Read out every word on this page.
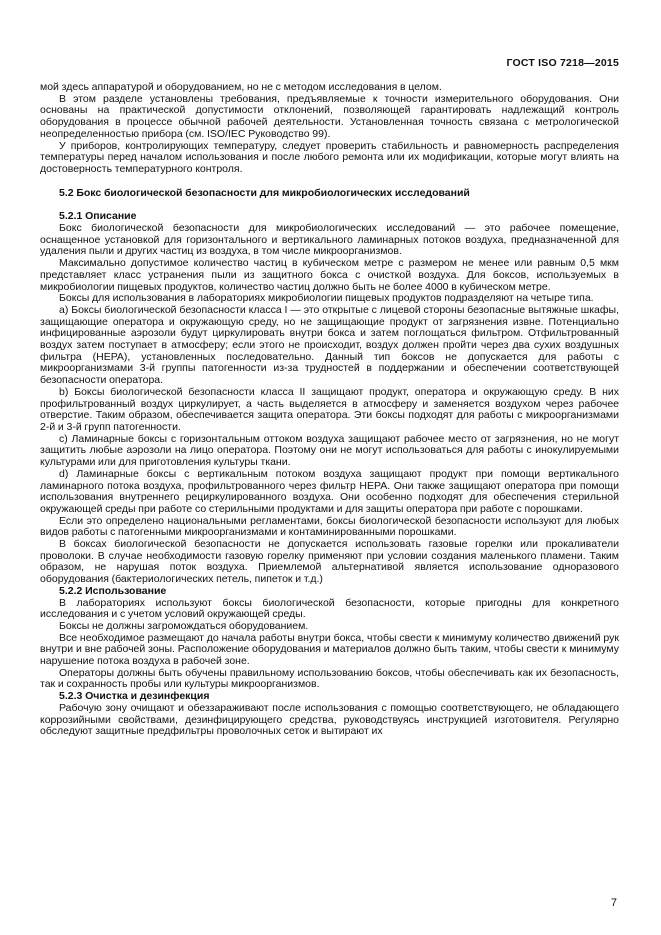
ГОСТ ISO 7218—2015

мой здесь аппаратурой и оборудованием, но не с методом исследования в целом.

В этом разделе установлены требования, предъявляемые к точности измерительного оборудования. Они основаны на практической допустимости отклонений, позволяющей гарантировать надлежащий контроль оборудования в процессе обычной рабочей деятельности. Установленная точность связана с метрологической неопределенностью прибора (см. ISO/IEC Руководство 99).

У приборов, контролирующих температуру, следует проверить стабильность и равномерность распределения температуры перед началом использования и после любого ремонта или их модификации, которые могут влиять на достоверность температурного контроля.

5.2 Бокс биологической безопасности для микробиологических исследований

5.2.1 Описание

Бокс биологической безопасности для микробиологических исследований — это рабочее помещение, оснащенное установкой для горизонтального и вертикального ламинарных потоков воздуха, предназначенной для удаления пыли и других частиц из воздуха, в том числе микроорганизмов.

Максимально допустимое количество частиц в кубическом метре с размером не менее или равным 0,5 мкм представляет класс устранения пыли из защитного бокса с очисткой воздуха. Для боксов, используемых в микробиологии пищевых продуктов, количество частиц должно быть не более 4000 в кубическом метре.

Боксы для использования в лабораториях микробиологии пищевых продуктов подразделяют на четыре типа.

a) Боксы биологической безопасности класса I — это открытые с лицевой стороны безопасные вытяжные шкафы, защищающие оператора и окружающую среду, но не защищающие продукт от загрязнения извне. Потенциально инфицированные аэрозоли будут циркулировать внутри бокса и затем поглощаться фильтром. Отфильтрованный воздух затем поступает в атмосферу; если этого не происходит, воздух должен пройти через два сухих воздушных фильтра (HEPA), установленных последовательно. Данный тип боксов не допускается для работы с микроорганизмами 3-й группы патогенности из-за трудностей в поддержании и обеспечении соответствующей безопасности оператора.

b) Боксы биологической безопасности класса II защищают продукт, оператора и окружающую среду. В них профильтрованный воздух циркулирует, а часть выделяется в атмосферу и заменяется воздухом через рабочее отверстие. Таким образом, обеспечивается защита оператора. Эти боксы подходят для работы с микроорганизмами 2-й и 3-й групп патогенности.

c) Ламинарные боксы с горизонтальным оттоком воздуха защищают рабочее место от загрязнения, но не могут защитить любые аэрозоли на лицо оператора. Поэтому они не могут использоваться для работы с инокулируемыми культурами или для приготовления культуры ткани.

d) Ламинарные боксы с вертикальным потоком воздуха защищают продукт при помощи вертикального ламинарного потока воздуха, профильтрованного через фильтр HEPA. Они также защищают оператора при помощи использования внутреннего рециркулированного воздуха. Они особенно подходят для обеспечения стерильной окружающей среды при работе со стерильными продуктами и для защиты оператора при работе с порошками.

Если это определено национальными регламентами, боксы биологической безопасности используют для любых видов работы с патогенными микроорганизмами и контаминированными порошками.

В боксах биологической безопасности не допускается использовать газовые горелки или прокаливатели проволоки. В случае необходимости газовую горелку применяют при условии создания маленького пламени. Таким образом, не нарушая поток воздуха. Приемлемой альтернативой является использование одноразового оборудования (бактериологических петель, пипеток и т.д.)

5.2.2 Использование

В лабораториях используют боксы биологической безопасности, которые пригодны для конкретного исследования и с учетом условий окружающей среды.

Боксы не должны загромождаться оборудованием.

Все необходимое размещают до начала работы внутри бокса, чтобы свести к минимуму количество движений рук внутри и вне рабочей зоны. Расположение оборудования и материалов должно быть таким, чтобы свести к минимуму нарушение потока воздуха в рабочей зоне.

Операторы должны быть обучены правильному использованию боксов, чтобы обеспечивать как их безопасность, так и сохранность пробы или культуры микроорганизмов.

5.2.3 Очистка и дезинфекция

Рабочую зону очищают и обеззараживают после использования с помощью соответствующего, не обладающего коррозийными свойствами, дезинфицирующего средства, руководствуясь инструкцией изготовителя. Регулярно обследуют защитные предфильтры проволочных сеток и вытирают их

7
